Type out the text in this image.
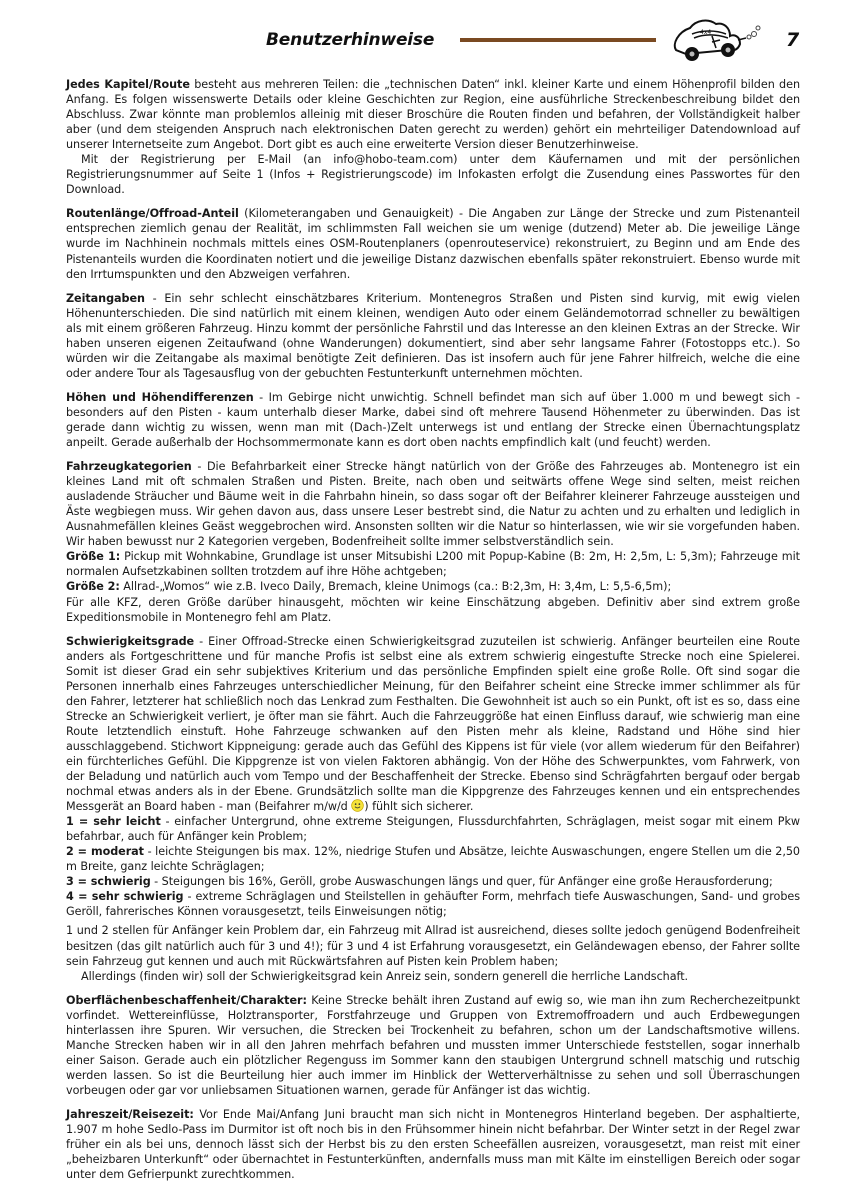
Benutzerhinweise	4x4	7

Jedes Kapitel/Route besteht aus mehreren Teilen: die „technischen Daten“ inkl. kleiner Karte und einem Höhenprofil bilden den Anfang. Es folgen wissenswerte Details oder kleine Geschichten zur Region, eine ausführliche Streckenbeschreibung bildet den Abschluss. Zwar könnte man problemlos alleinig mit dieser Broschüre die Routen finden und befahren, der Vollständigkeit halber aber (und dem steigenden Anspruch nach elektronischen Daten gerecht zu werden) gehört ein mehrteiliger Datendownload auf unserer Internetseite zum Angebot. Dort gibt es auch eine erweiterte Version dieser Benutzerhinweise.

Mit der Registrierung per E-Mail (an info@hobo-team.com) unter dem Käufernamen und mit der persönlichen Registrierungsnummer auf Seite 1 (Infos + Registrierungscode) im Infokasten erfolgt die Zusendung eines Passwortes für den Download.

Routenlänge/Offroad-Anteil (Kilometerangaben und Genauigkeit) - Die Angaben zur Länge der Strecke und zum Pistenanteil entsprechen ziemlich genau der Realität, im schlimmsten Fall weichen sie um wenige (dutzend) Meter ab. Die jeweilige Länge wurde im Nachhinein nochmals mittels eines OSM-Routenplaners (openrouteservice) rekonstruiert, zu Beginn und am Ende des Pistenanteils wurden die Koordinaten notiert und die jeweilige Distanz dazwischen ebenfalls später rekonstruiert. Ebenso wurde mit den Irrtumspunkten und den Abzweigen verfahren.

Zeitangaben - Ein sehr schlecht einschätzbares Kriterium. Montenegros Straßen und Pisten sind kurvig, mit ewig vielen Höhenunterschieden. Die sind natürlich mit einem kleinen, wendigen Auto oder einem Geländemotorrad schneller zu bewältigen als mit einem größeren Fahrzeug. Hinzu kommt der persönliche Fahrstil und das Interesse an den kleinen Extras an der Strecke. Wir haben unseren eigenen Zeitaufwand (ohne Wanderungen) dokumentiert, sind aber sehr langsame Fahrer (Fotostopps etc.). So würden wir die Zeitangabe als maximal benötigte Zeit definieren. Das ist insofern auch für jene Fahrer hilfreich, welche die eine oder andere Tour als Tagesausflug von der gebuchten Festunterkunft unternehmen möchten.

Höhen und Höhendifferenzen - Im Gebirge nicht unwichtig. Schnell befindet man sich auf über 1.000 m und bewegt sich - besonders auf den Pisten - kaum unterhalb dieser Marke, dabei sind oft mehrere Tausend Höhenmeter zu überwinden. Das ist gerade dann wichtig zu wissen, wenn man mit (Dach-)Zelt unterwegs ist und entlang der Strecke einen Übernachtungsplatz anpeilt. Gerade außerhalb der Hochsommermonate kann es dort oben nachts empfindlich kalt (und feucht) werden.

Fahrzeugkategorien - Die Befahrbarkeit einer Strecke hängt natürlich von der Größe des Fahrzeuges ab. Montenegro ist ein kleines Land mit oft schmalen Straßen und Pisten. Breite, nach oben und seitwärts offene Wege sind selten, meist reichen ausladende Sträucher und Bäume weit in die Fahrbahn hinein, so dass sogar oft der Beifahrer kleinerer Fahrzeuge aussteigen und Äste wegbiegen muss. Wir gehen davon aus, dass unsere Leser bestrebt sind, die Natur zu achten und zu erhalten und lediglich in Ausnahmefällen kleines Geäst weggebrochen wird. Ansonsten sollten wir die Natur so hinterlassen, wie wir sie vorgefunden haben. Wir haben bewusst nur 2 Kategorien vergeben, Bodenfreiheit sollte immer selbstverständlich sein.

Größe 1: Pickup mit Wohnkabine, Grundlage ist unser Mitsubishi L200 mit Popup-Kabine (B: 2m, H: 2,5m, L: 5,3m); Fahrzeuge mit normalen Aufsetzkabinen sollten trotzdem auf ihre Höhe achtgeben;

Größe 2: Allrad-„Womos“ wie z.B. Iveco Daily, Bremach, kleine Unimogs (ca.: B:2,3m, H: 3,4m, L: 5,5-6,5m);

Für alle KFZ, deren Größe darüber hinausgeht, möchten wir keine Einschätzung abgeben. Definitiv aber sind extrem große Expeditionsmobile in Montenegro fehl am Platz.

Schwierigkeitsgrade - Einer Offroad-Strecke einen Schwierigkeitsgrad zuzuteilen ist schwierig. Anfänger beurteilen eine Route anders als Fortgeschrittene und für manche Profis ist selbst eine als extrem schwierig eingestufte Strecke noch eine Spielerei. Somit ist dieser Grad ein sehr subjektives Kriterium und das persönliche Empfinden spielt eine große Rolle. Oft sind sogar die Personen innerhalb eines Fahrzeuges unterschiedlicher Meinung, für den Beifahrer scheint eine Strecke immer schlimmer als für den Fahrer, letzterer hat schließlich noch das Lenkrad zum Festhalten. Die Gewohnheit ist auch so ein Punkt, oft ist es so, dass eine Strecke an Schwierigkeit verliert, je öfter man sie fährt. Auch die Fahrzeuggröße hat einen Einfluss darauf, wie schwierig man eine Route letztendlich einstuft. Hohe Fahrzeuge schwanken auf den Pisten mehr als kleine, Radstand und Höhe sind hier ausschlaggebend. Stichwort Kippneigung: gerade auch das Gefühl des Kippens ist für viele (vor allem wiederum für den Beifahrer) ein fürchterliches Gefühl. Die Kippgrenze ist von vielen Faktoren abhängig. Von der Höhe des Schwerpunktes, vom Fahrwerk, von der Beladung und natürlich auch vom Tempo und der Beschaffenheit der Strecke. Ebenso sind Schrägfahrten bergauf oder bergab nochmal etwas anders als in der Ebene. Grundsätzlich sollte man die Kippgrenze des Fahrzeuges kennen und ein entsprechendes Messgerät an Board haben - man (Beifahrer m/w/d ) fühlt sich sicherer.

1 = sehr leicht - einfacher Untergrund, ohne extreme Steigungen, Flussdurchfahrten, Schräglagen, meist sogar mit einem Pkw befahrbar, auch für Anfänger kein Problem;

2 = moderat - leichte Steigungen bis max. 12%, niedrige Stufen und Absätze, leichte Auswaschungen, engere Stellen um die 2,50 m Breite, ganz leichte Schräglagen;

3 = schwierig - Steigungen bis 16%, Geröll, grobe Auswaschungen längs und quer, für Anfänger eine große Herausforderung;

4 = sehr schwierig - extreme Schräglagen und Steilstellen in gehäufter Form, mehrfach tiefe Auswaschungen, Sand- und grobes Geröll, fahrerisches Können vorausgesetzt, teils Einweisungen nötig;

1 und 2 stellen für Anfänger kein Problem dar, ein Fahrzeug mit Allrad ist ausreichend, dieses sollte jedoch genügend Bodenfreiheit besitzen (das gilt natürlich auch für 3 und 4!); für 3 und 4 ist Erfahrung vorausgesetzt, ein Geländewagen ebenso, der Fahrer sollte sein Fahrzeug gut kennen und auch mit Rückwärtsfahren auf Pisten kein Problem haben;

Allerdings (finden wir) soll der Schwierigkeitsgrad kein Anreiz sein, sondern generell die herrliche Landschaft.

Oberflächenbeschaffenheit/Charakter: Keine Strecke behält ihren Zustand auf ewig so, wie man ihn zum Recherchezeitpunkt vorfindet. Wettereinflüsse, Holztransporter, Forstfahrzeuge und Gruppen von Extremoffroadern und auch Erdbewegungen hinterlassen ihre Spuren. Wir versuchen, die Strecken bei Trockenheit zu befahren, schon um der Landschaftsmotive willens. Manche Strecken haben wir in all den Jahren mehrfach befahren und mussten immer Unterschiede feststellen, sogar innerhalb einer Saison. Gerade auch ein plötzlicher Regenguss im Sommer kann den staubigen Untergrund schnell matschig und rutschig werden lassen. So ist die Beurteilung hier auch immer im Hinblick der Wetterverhältnisse zu sehen und soll Überraschungen vorbeugen oder gar vor unliebsamen Situationen warnen, gerade für Anfänger ist das wichtig.

Jahreszeit/Reisezeit: Vor Ende Mai/Anfang Juni braucht man sich nicht in Montenegros Hinterland begeben. Der asphaltierte, 1.907 m hohe Sedlo-Pass im Durmitor ist oft noch bis in den Frühsommer hinein nicht befahrbar. Der Winter setzt in der Regel zwar früher ein als bei uns, dennoch lässt sich der Herbst bis zu den ersten Scheefällen ausreizen, vorausgesetzt, man reist mit einer „beheizbaren Unterkunft“ oder übernachtet in Festunterkünften, andernfalls muss man mit Kälte im einstelligen Bereich oder sogar unter dem Gefrierpunkt zurechtkommen.
